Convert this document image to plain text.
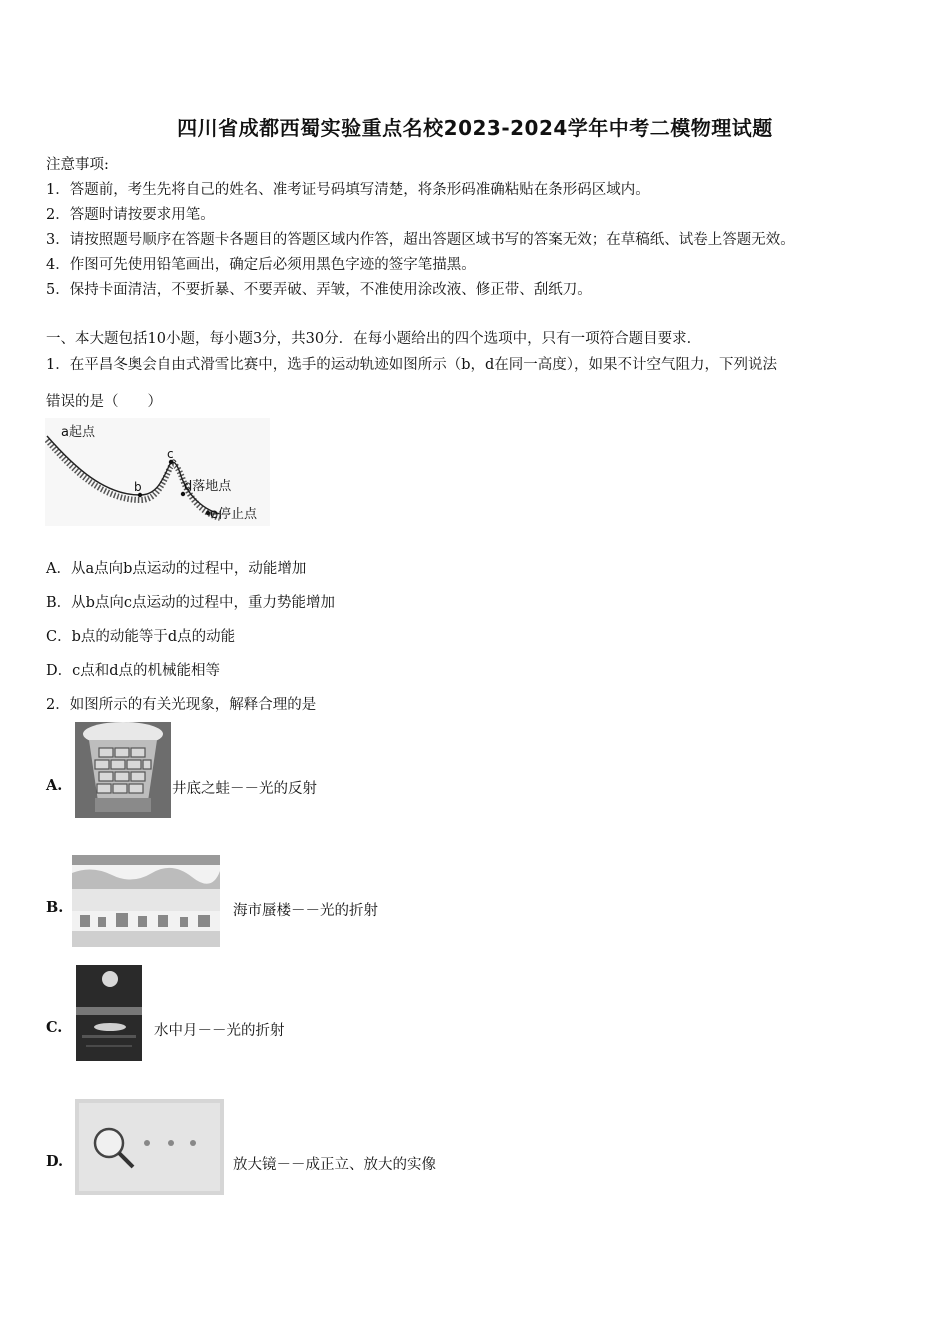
四川省成都西蜀实验重点名校2023-2024学年中考二模物理试题
注意事项:
1．答题前，考生先将自己的姓名、准考证号码填写清楚，将条形码准确粘贴在条形码区域内。
2．答题时请按要求用笔。
3．请按照题号顺序在答题卡各题目的答题区域内作答，超出答题区域书写的答案无效；在草稿纸、试卷上答题无效。
4．作图可先使用铅笔画出，确定后必须用黑色字迹的签字笔描黑。
5．保持卡面清洁，不要折暴、不要弄破、弄皱，不准使用涂改液、修正带、刮纸刀。
一、本大题包括10小题，每小题3分，共30分．在每小题给出的四个选项中，只有一项符合题目要求．
1．在平昌冬奥会自由式滑雪比赛中，选手的运动轨迹如图所示（b，d在同一高度），如果不计空气阻力，下列说法
错误的是（　　）
a起点
b
c
d落地点
e停止点
A．从a点向b点运动的过程中，动能增加
B．从b点向c点运动的过程中，重力势能增加
C．b点的动能等于d点的动能
D．c点和d点的机械能相等
2．如图所示的有关光现象，解释合理的是
A.	井底之蛙－－光的反射
B.	海市蜃楼－－光的折射
C.	水中月－－光的折射
D.	放大镜－－成正立、放大的实像
